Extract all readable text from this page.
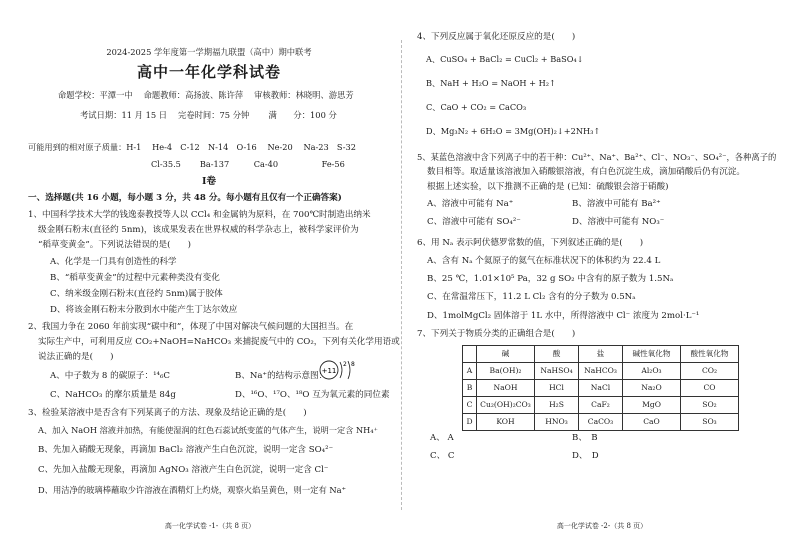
2024-2025 学年度第一学期福九联盟（高中）期中联考
高中一年化学科试卷
命题学校：平潭一中　 命题教师：高扬波、陈许萍　 审核教师：林晓明、游思芳
考试日期：11 月 15 日　 完卷时间：75 分钟　　 满　　分：100 分
可能用到的相对原子质量：H-1　 He-4　C-12　N-14　O-16　 Ne-20　 Na-23　S-32
Cl-35.5　　 Ba-137　　　Ca-40　　　　　 Fe-56
Ⅰ卷
一、选择题(共 16 小题，每小题 3 分，共 48 分。每小题有且仅有一个正确答案)
1、中国科学技术大学的钱逸泰教授等人以 CCl₄ 和金属钠为原料，在 700℃时制造出纳米
级金刚石粉末(直径约 5nm)，该成果发表在世界权威的科学杂志上，被科学家评价为
“稻草变黄金”。下列说法错误的是(　　)
A、化学是一门具有创造性的科学
B、“稻草变黄金”的过程中元素种类没有变化
C、纳米级金刚石粉末(直径约 5nm)属于胶体
D、将该金刚石粉末分散到水中能产生丁达尔效应
2、我国力争在 2060 年前实现“碳中和”，体现了中国对解决气候问题的大国担当。在
实际生产中，可利用反应 CO₂+NaOH=NaHCO₃ 来捕捉废气中的 CO₂，下列有关化学用语或
说法正确的是(　　)
A、中子数为 8 的碳原子：¹⁴₆C	B、Na⁺的结构示意图：
+11
2 8
C、NaHCO₃ 的摩尔质量是 84g	D、¹⁶O、¹⁷O、¹⁸O 互为氧元素的同位素
3、检验某溶液中是否含有下列某离子的方法、现象及结论正确的是(　　)
A、加入 NaOH 溶液并加热，有能使湿润的红色石蕊试纸变蓝的气体产生，说明一定含 NH₄⁺
B、先加入硝酸无现象，再滴加 BaCl₂ 溶液产生白色沉淀，说明一定含 SO₄²⁻
C、先加入盐酸无现象，再滴加 AgNO₃ 溶液产生白色沉淀，说明一定含 Cl⁻
D、用洁净的玻璃棒蘸取少许溶液在酒精灯上灼烧，观察火焰呈黄色，则一定有 Na⁺
高一化学试卷 -1-（共 8 页）
4、下列反应属于氧化还原反应的是(　　)
A、CuSO₄ + BaCl₂ = CuCl₂ + BaSO₄↓
B、NaH + H₂O = NaOH + H₂↑
C、CaO + CO₂ = CaCO₃
D、Mg₃N₂ + 6H₂O = 3Mg(OH)₂↓+2NH₃↑
5、某蓝色溶液中含下列离子中的若干种：Cu²⁺、Na⁺、Ba²⁺、Cl⁻、NO₃⁻、SO₄²⁻，各种离子的
数目相等。取适量该溶液加入硝酸银溶液，有白色沉淀生成，滴加硝酸后仍有沉淀。
根据上述实验，以下推测不正确的是 (已知：硫酸银会溶于硝酸)
A、溶液中可能有 Na⁺	B、溶液中可能有 Ba²⁺
C、溶液中可能有 SO₄²⁻	D、溶液中可能有 NO₃⁻
6、用 Nₐ 表示阿伏德罗常数的值，下列叙述正确的是(　　)
A、含有 Nₐ 个氦原子的氦气在标准状况下的体积约为 22.4 L
B、25 ℃，1.01×10⁵ Pa，32 g SO₂ 中含有的原子数为 1.5Nₐ
C、在常温常压下，11.2 L Cl₂ 含有的分子数为 0.5Nₐ
D、1molMgCl₂ 固体溶于 1L 水中，所得溶液中 Cl⁻ 浓度为 2mol·L⁻¹
7、下列关于物质分类的正确组合是(　　)
	碱	酸	盐	碱性氧化物	酸性氧化物
A	Ba(OH)₂	NaHSO₄	NaHCO₃	Al₂O₃	CO₂
B	NaOH	HCl	NaCl	Na₂O	CO
C	Cu₂(OH)₂CO₃	H₂S	CaF₂	MgO	SO₂
D	KOH	HNO₃	CaCO₃	CaO	SO₃
A、 A	B、　B
C、 C	D、　D
高一化学试卷 -2-（共 8 页）
